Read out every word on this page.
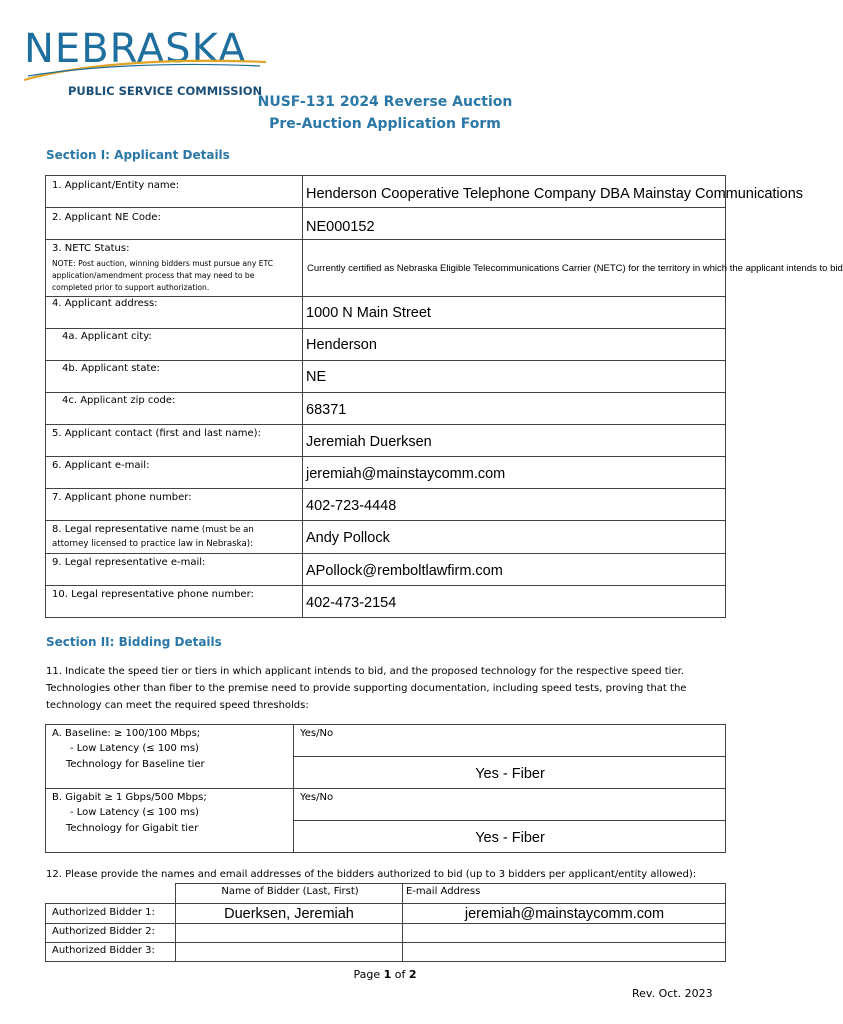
NEBRASKA
PUBLIC SERVICE COMMISSION
NUSF-131 2024 Reverse Auction
Pre-Auction Application Form
Section I: Applicant Details
1. Applicant/Entity name:
Henderson Cooperative Telephone Company DBA Mainstay Communications
2. Applicant NE Code:
NE000152
3. NETC Status:
NOTE: Post auction, winning bidders must pursue any ETC
application/amendment process that may need to be
completed prior to support authorization.
Currently certified as Nebraska Eligible Telecommunications Carrier (NETC) for the territory in which the applicant intends to bid
4. Applicant address:
1000 N Main Street
4a. Applicant city:
Henderson
4b. Applicant state:
NE
4c. Applicant zip code:
68371
5. Applicant contact (first and last name):
Jeremiah Duerksen
6. Applicant e-mail:
jeremiah@mainstaycomm.com
7. Applicant phone number:
402-723-4448
8. Legal representative name (must be an
attorney licensed to practice law in Nebraska):	Andy Pollock
9. Legal representative e-mail:
APollock@remboltlawfirm.com
10. Legal representative phone number:
402-473-2154
Section II: Bidding Details
11. Indicate the speed tier or tiers in which applicant intends to bid, and the proposed technology for the respective speed tier.
Technologies other than fiber to the premise need to provide supporting documentation, including speed tests, proving that the
technology can meet the required speed thresholds:
A. Baseline: ≥ 100/100 Mbps;
- Low Latency (≤ 100 ms)
Technology for Baseline tier
Yes/No
Yes - Fiber
B. Gigabit ≥ 1 Gbps/500 Mbps;
- Low Latency (≤ 100 ms)
Technology for Gigabit tier
Yes/No
Yes - Fiber
12. Please provide the names and email addresses of the bidders authorized to bid (up to 3 bidders per applicant/entity allowed):
Name of Bidder (Last, First)	E-mail Address
Authorized Bidder 1:	Duerksen, Jeremiah	jeremiah@mainstaycomm.com
Authorized Bidder 2:
Authorized Bidder 3:
Page 1 of 2
Rev. Oct. 2023
